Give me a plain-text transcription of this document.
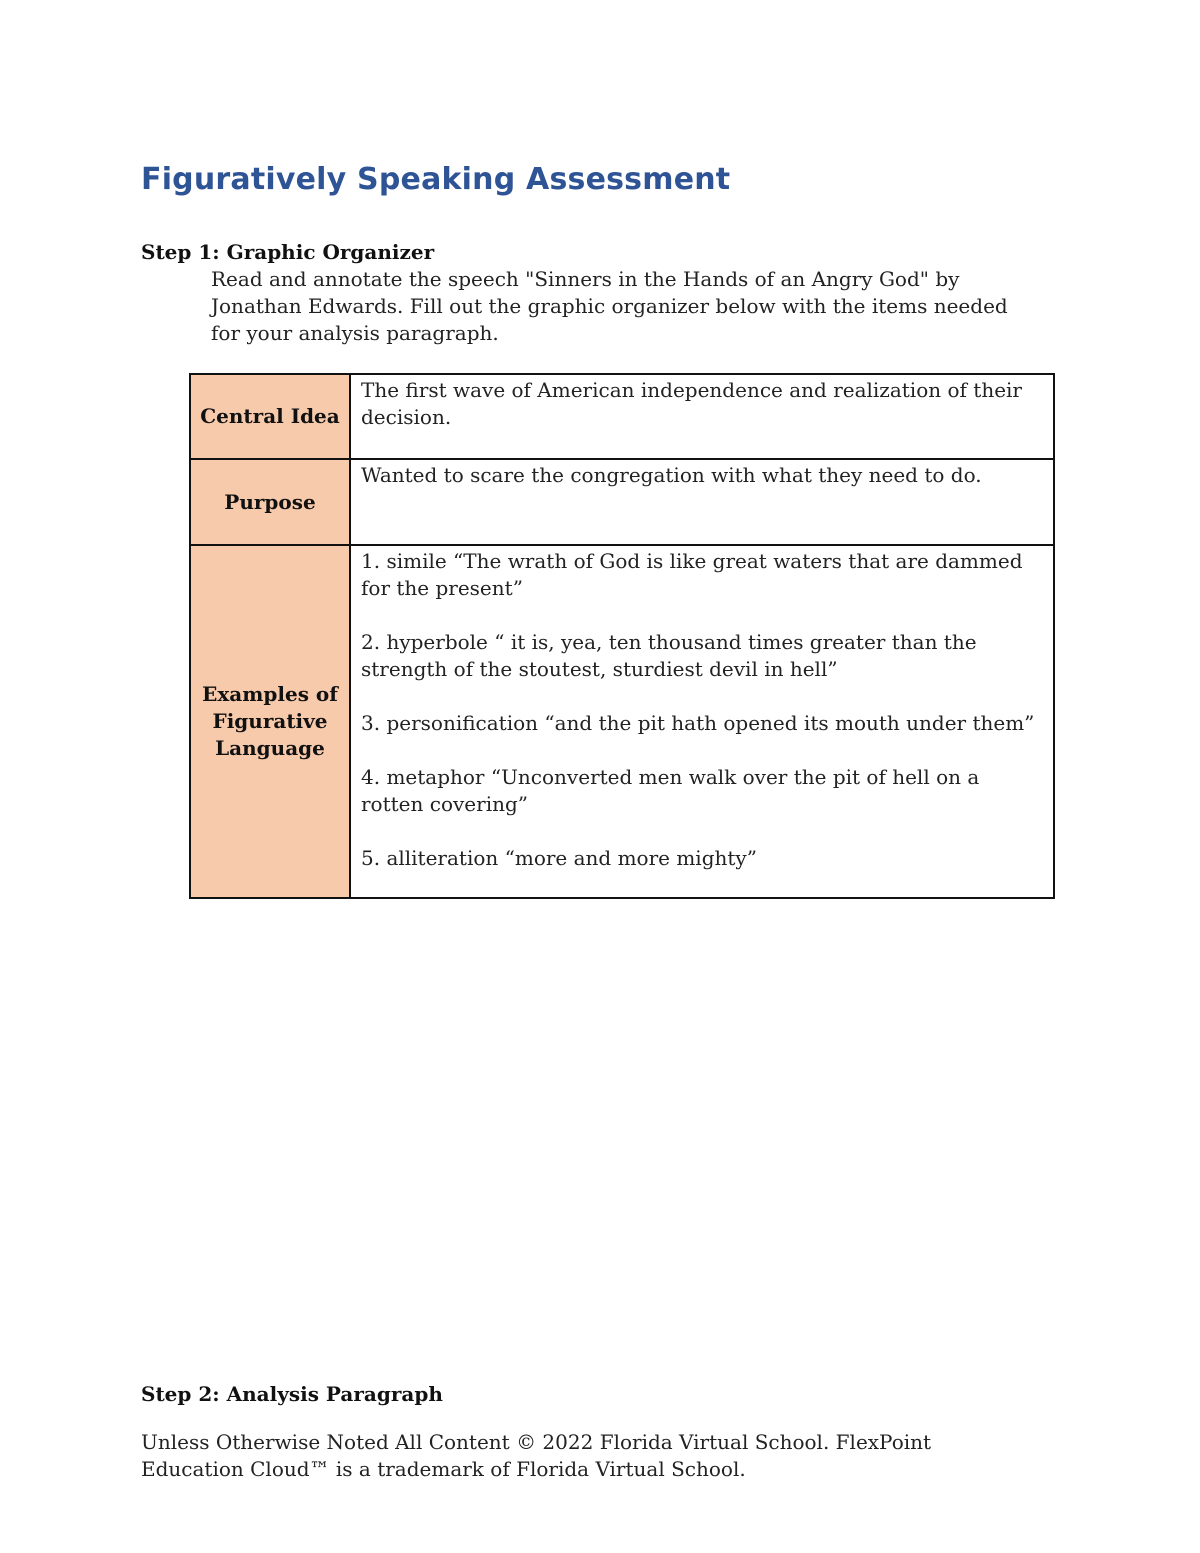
Figuratively Speaking Assessment
Step 1: Graphic Organizer

Read and annotate the speech "Sinners in the Hands of an Angry God" by Jonathan Edwards. Fill out the graphic organizer below with the items needed for your analysis paragraph.

Central Idea	The first wave of American independence and realization of their decision.
Purpose	Wanted to scare the congregation with what they need to do.
Examples of Figurative Language	1. simile “The wrath of God is like great waters that are dammed for the present”

2. hyperbole “ it is, yea, ten thousand times greater than the strength of the stoutest, sturdiest devil in hell”

3. personification “and the pit hath opened its mouth under them”

4. metaphor “Unconverted men walk over the pit of hell on a rotten covering”

5. alliteration “more and more mighty”

Step 2: Analysis Paragraph

Unless Otherwise Noted All Content © 2022 Florida Virtual School. FlexPoint Education Cloud™ is a trademark of Florida Virtual School.
